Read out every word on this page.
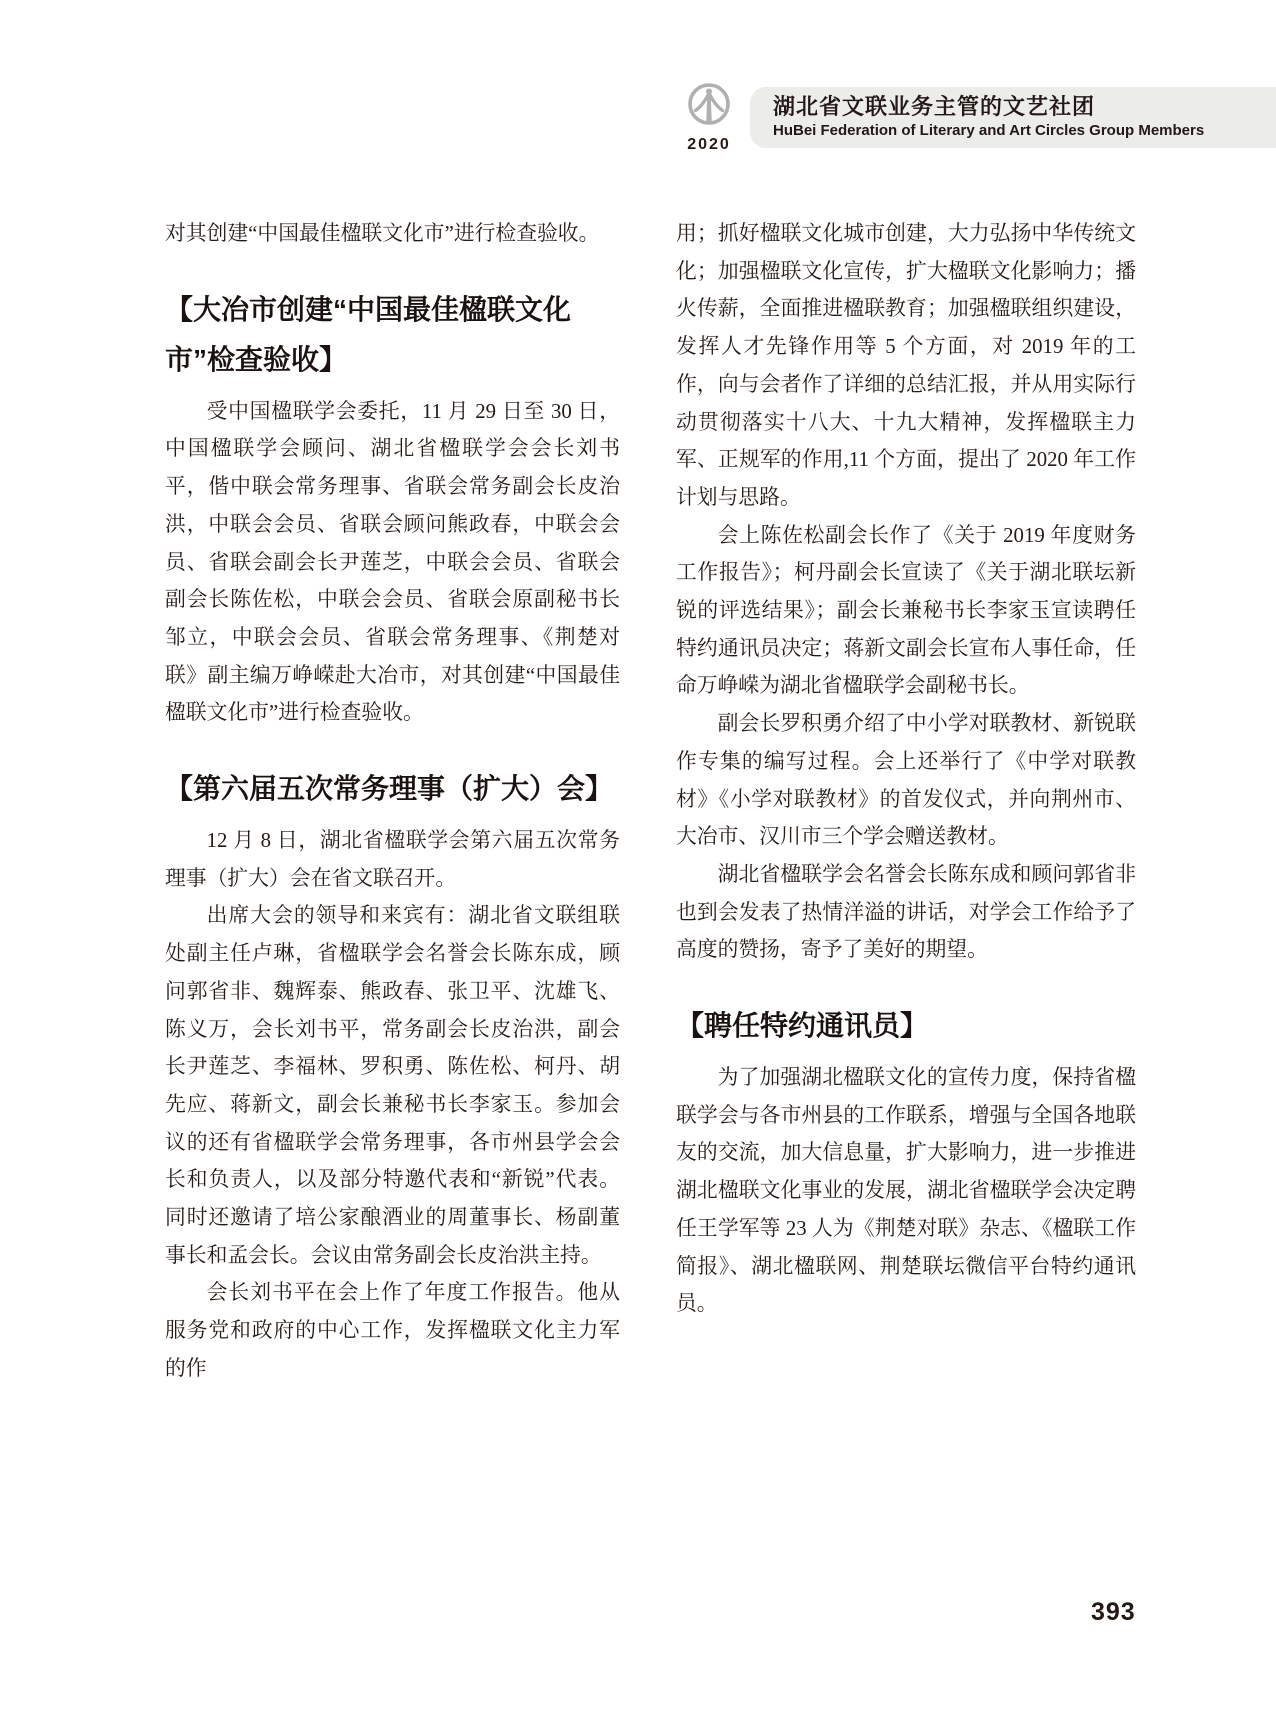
2020
湖北省文联业务主管的文艺社团
HuBei Federation of Literary and Art Circles Group Members

对其创建“中国最佳楹联文化市”进行检查验收。

【大冶市创建“中国最佳楹联文化市”检查验收】

受中国楹联学会委托，11 月 29 日至 30 日，中国楹联学会顾问、湖北省楹联学会会长刘书平，偕中联会常务理事、省联会常务副会长皮治洪，中联会会员、省联会顾问熊政春，中联会会员、省联会副会长尹莲芝，中联会会员、省联会副会长陈佐松，中联会会员、省联会原副秘书长邹立，中联会会员、省联会常务理事、《荆楚对联》副主编万峥嵘赴大冶市，对其创建“中国最佳楹联文化市”进行检查验收。

【第六届五次常务理事（扩大）会】

12 月 8 日，湖北省楹联学会第六届五次常务理事（扩大）会在省文联召开。

出席大会的领导和来宾有：湖北省文联组联处副主任卢琳，省楹联学会名誉会长陈东成，顾问郭省非、魏辉泰、熊政春、张卫平、沈雄飞、陈义万，会长刘书平，常务副会长皮治洪，副会长尹莲芝、李福林、罗积勇、陈佐松、柯丹、胡先应、蒋新文，副会长兼秘书长李家玉。参加会议的还有省楹联学会常务理事，各市州县学会会长和负责人，以及部分特邀代表和“新锐”代表。同时还邀请了培公家酿酒业的周董事长、杨副董事长和孟会长。会议由常务副会长皮治洪主持。

会长刘书平在会上作了年度工作报告。他从服务党和政府的中心工作，发挥楹联文化主力军的作

用；抓好楹联文化城市创建，大力弘扬中华传统文化；加强楹联文化宣传，扩大楹联文化影响力；播火传薪，全面推进楹联教育；加强楹联组织建设，发挥人才先锋作用等 5 个方面，对 2019 年的工作，向与会者作了详细的总结汇报，并从用实际行动贯彻落实十八大、十九大精神，发挥楹联主力军、正规军的作用,11 个方面，提出了 2020 年工作计划与思路。

会上陈佐松副会长作了《关于 2019 年度财务工作报告》；柯丹副会长宣读了《关于湖北联坛新锐的评选结果》；副会长兼秘书长李家玉宣读聘任特约通讯员决定；蒋新文副会长宣布人事任命，任命万峥嵘为湖北省楹联学会副秘书长。

副会长罗积勇介绍了中小学对联教材、新锐联作专集的编写过程。会上还举行了《中学对联教材》《小学对联教材》的首发仪式，并向荆州市、大冶市、汉川市三个学会赠送教材。

湖北省楹联学会名誉会长陈东成和顾问郭省非也到会发表了热情洋溢的讲话，对学会工作给予了高度的赞扬，寄予了美好的期望。

【聘任特约通讯员】

为了加强湖北楹联文化的宣传力度，保持省楹联学会与各市州县的工作联系，增强与全国各地联友的交流，加大信息量，扩大影响力，进一步推进湖北楹联文化事业的发展，湖北省楹联学会决定聘任王学军等 23 人为《荆楚对联》杂志、《楹联工作简报》、湖北楹联网、荆楚联坛微信平台特约通讯员。

393
